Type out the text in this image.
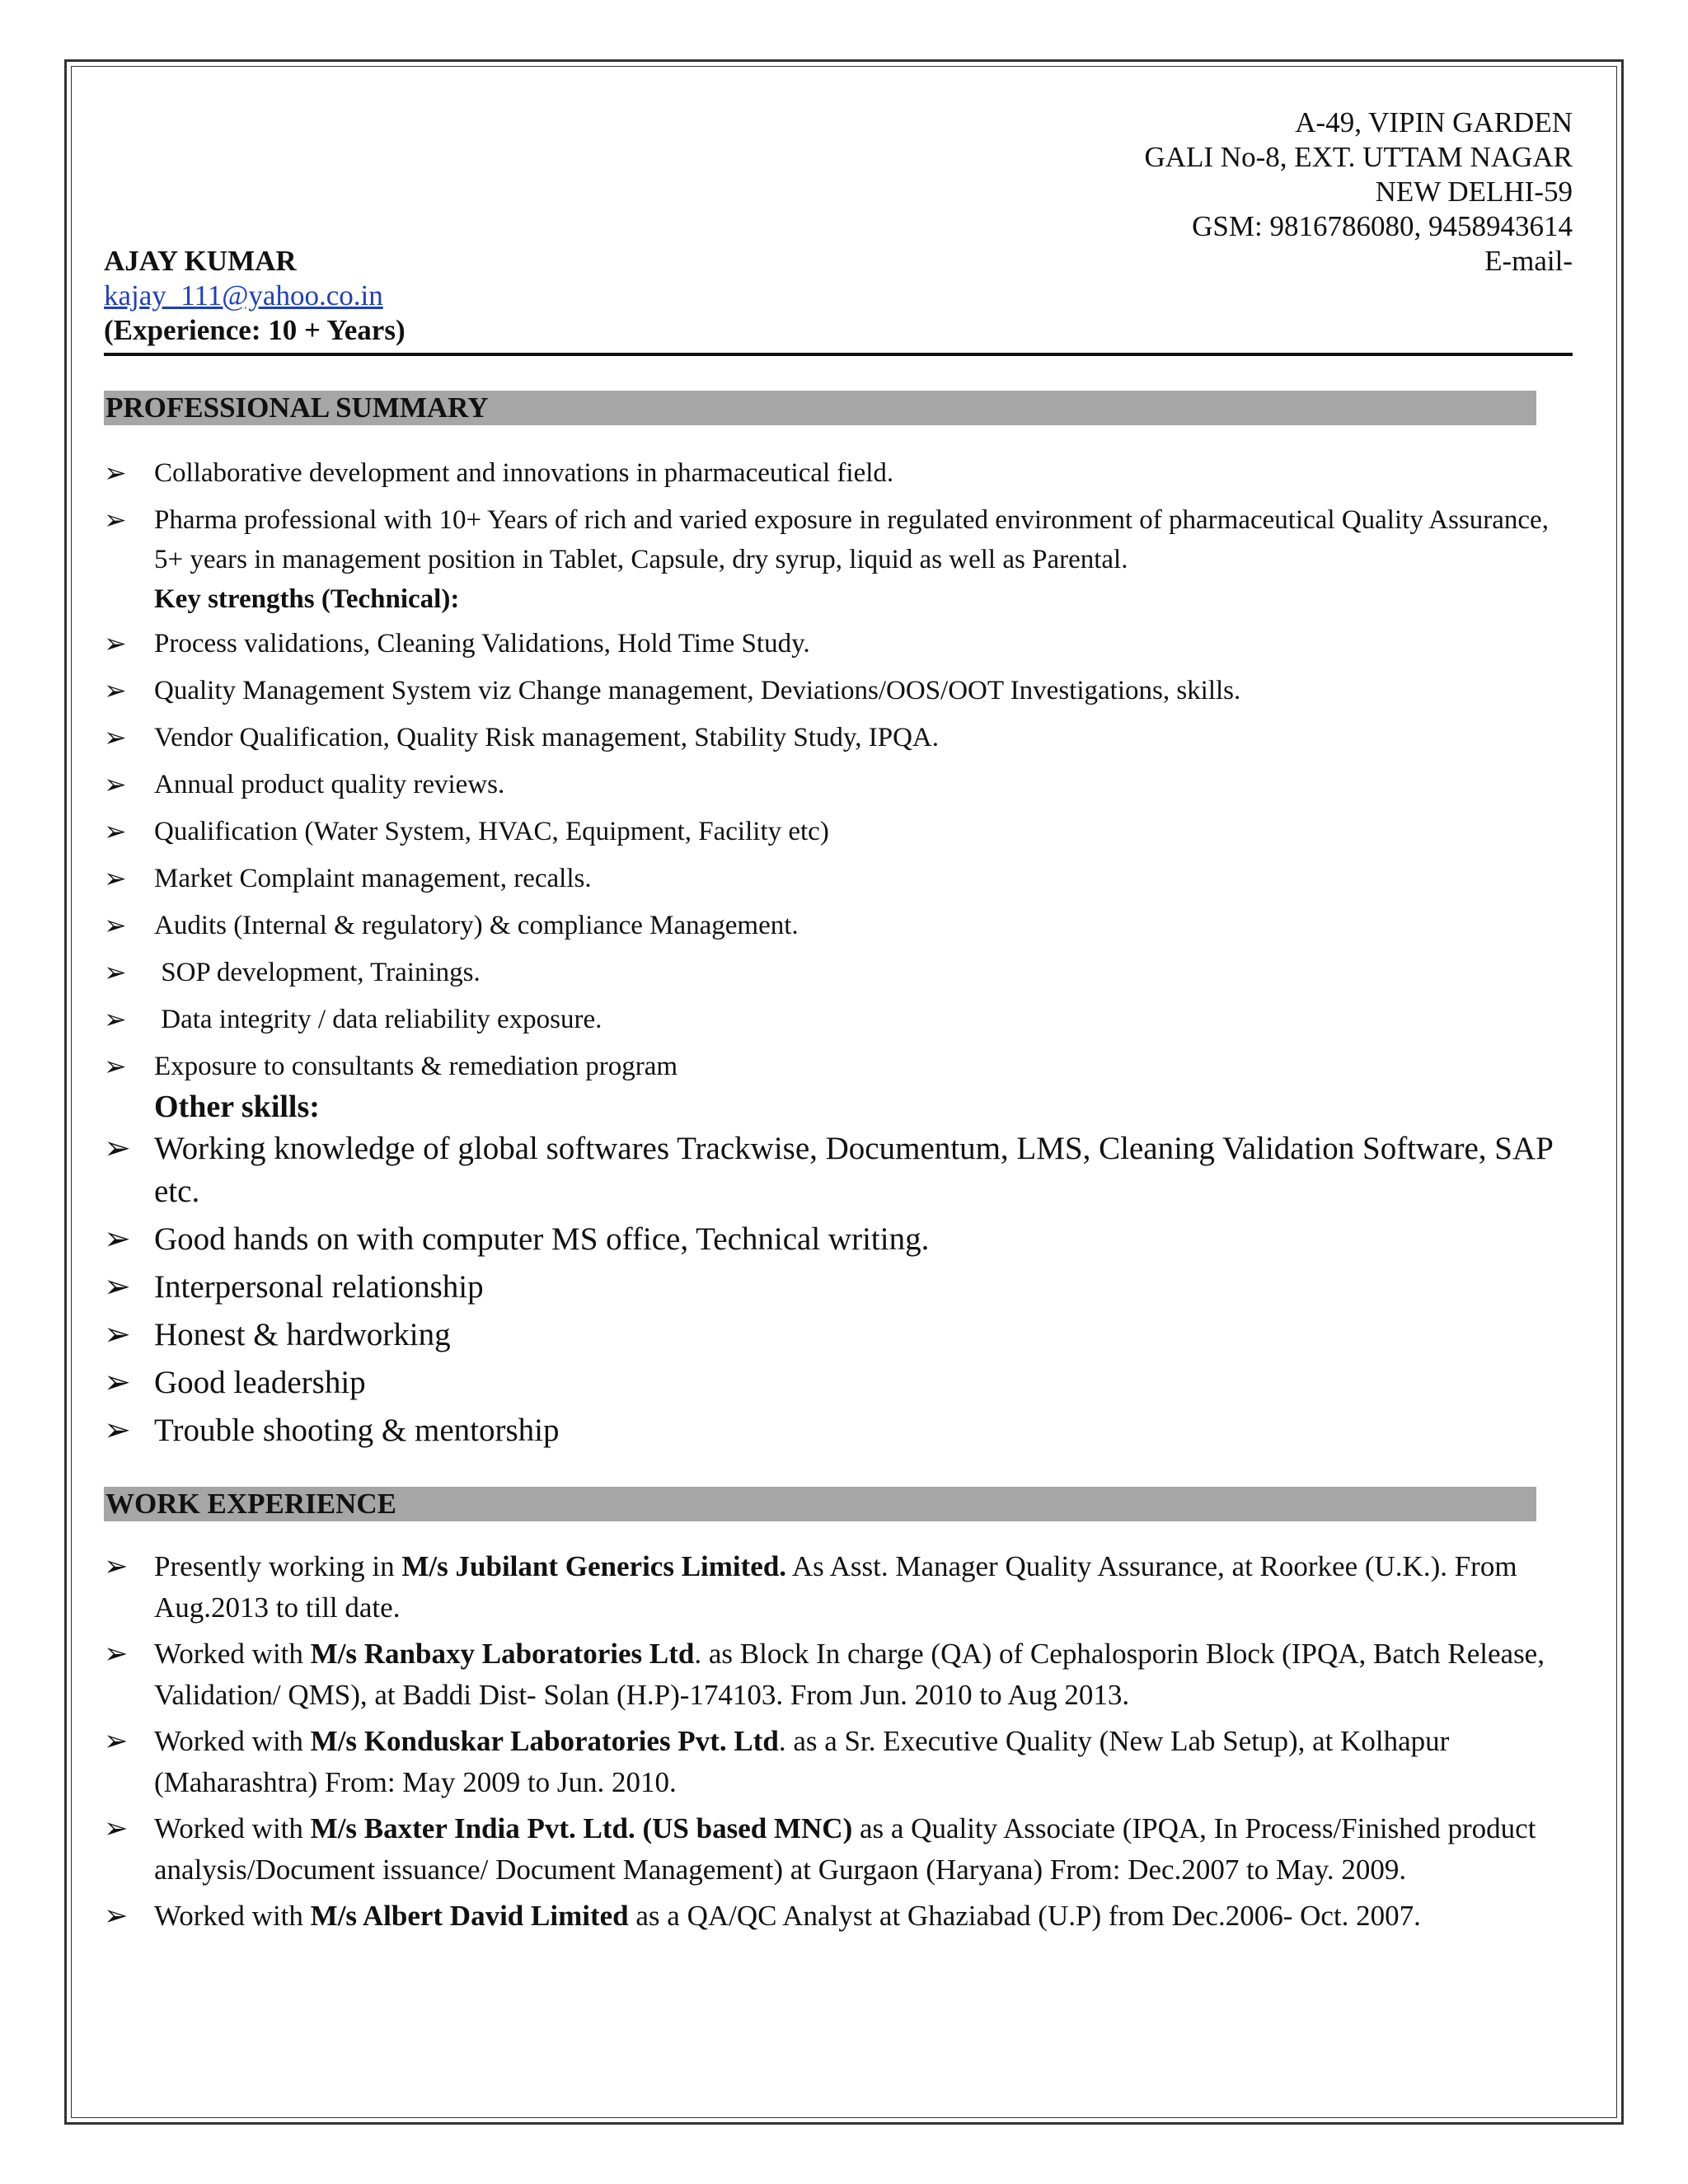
A-49, VIPIN GARDEN
GALI No-8, EXT. UTTAM NAGAR
NEW DELHI-59
GSM: 9816786080, 9458943614
AJAY KUMAR	E-mail-
kajay_111@yahoo.co.in
(Experience: 10 + Years)
PROFESSIONAL SUMMARY
➢ Collaborative development and innovations in pharmaceutical field.
➢ Pharma professional with 10+ Years of rich and varied exposure in regulated environment of pharmaceutical Quality Assurance, 5+ years in management position in Tablet, Capsule, dry syrup, liquid as well as Parental.
Key strengths (Technical):
➢ Process validations, Cleaning Validations, Hold Time Study.
➢ Quality Management System viz Change management, Deviations/OOS/OOT Investigations, skills.
➢ Vendor Qualification, Quality Risk management, Stability Study, IPQA.
➢ Annual product quality reviews.
➢ Qualification (Water System, HVAC, Equipment, Facility etc)
➢ Market Complaint management, recalls.
➢ Audits (Internal & regulatory) & compliance Management.
➢ SOP development, Trainings.
➢ Data integrity / data reliability exposure.
➢ Exposure to consultants & remediation program
Other skills:
➢ Working knowledge of global softwares Trackwise, Documentum, LMS, Cleaning Validation Software, SAP etc.
➢ Good hands on with computer MS office, Technical writing.
➢ Interpersonal relationship
➢ Honest & hardworking
➢ Good leadership
➢ Trouble shooting & mentorship
WORK EXPERIENCE
➢ Presently working in M/s Jubilant Generics Limited. As Asst. Manager Quality Assurance, at Roorkee (U.K.). From Aug.2013 to till date.
➢ Worked with M/s Ranbaxy Laboratories Ltd. as Block In charge (QA) of Cephalosporin Block (IPQA, Batch Release, Validation/ QMS), at Baddi Dist- Solan (H.P)-174103. From Jun. 2010 to Aug 2013.
➢ Worked with M/s Konduskar Laboratories Pvt. Ltd. as a Sr. Executive Quality (New Lab Setup), at Kolhapur (Maharashtra) From: May 2009 to Jun. 2010.
➢ Worked with M/s Baxter India Pvt. Ltd. (US based MNC) as a Quality Associate (IPQA, In Process/Finished product analysis/Document issuance/ Document Management) at Gurgaon (Haryana) From: Dec.2007 to May. 2009.
➢ Worked with M/s Albert David Limited as a QA/QC Analyst at Ghaziabad (U.P) from Dec.2006- Oct. 2007.
